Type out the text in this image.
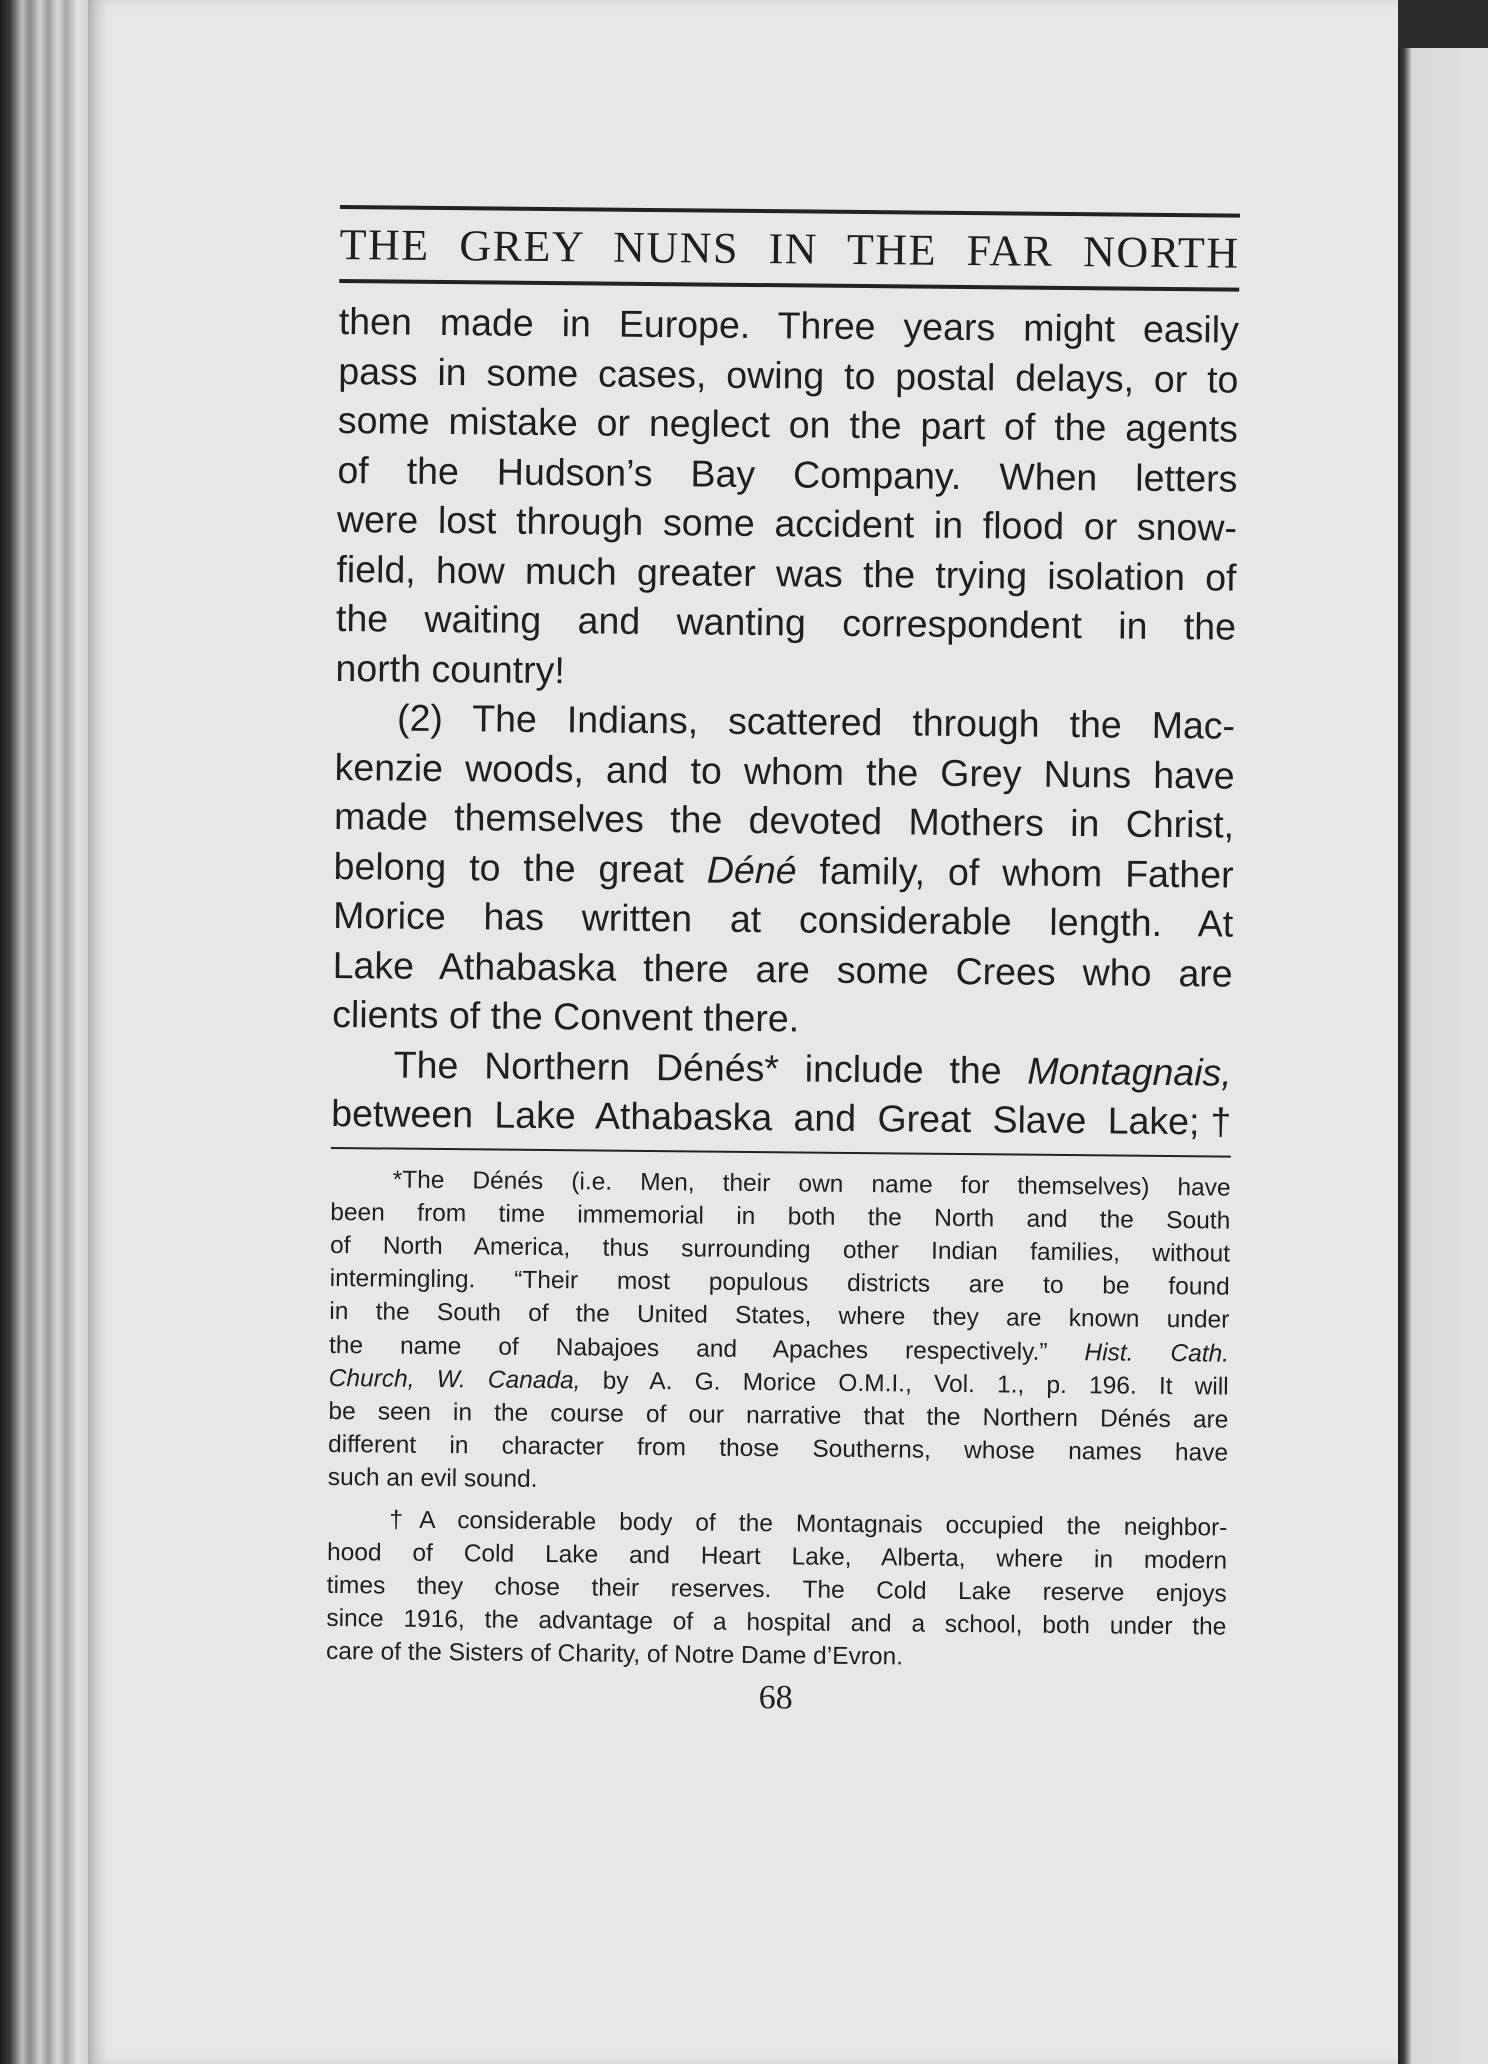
THE GREY NUNS IN THE FAR NORTH
then made in Europe. Three years might easily
pass in some cases, owing to postal delays, or to
some mistake or neglect on the part of the agents
of the Hudson’s Bay Company. When letters
were lost through some accident in flood or snow-
field, how much greater was the trying isolation of
the waiting and wanting correspondent in the
north country!
(2) The Indians, scattered through the Mac-
kenzie woods, and to whom the Grey Nuns have
made themselves the devoted Mothers in Christ,
belong to the great Déné family, of whom Father
Morice has written at considerable length. At
Lake Athabaska there are some Crees who are
clients of the Convent there.
The Northern Dénés* include the Montagnais,
between Lake Athabaska and Great Slave Lake;†
*The Dénés (i.e. Men, their own name for themselves) have
been from time immemorial in both the North and the South
of North America, thus surrounding other Indian families, without
intermingling. “Their most populous districts are to be found
in the South of the United States, where they are known under
the name of Nabajoes and Apaches respectively.” Hist. Cath.
Church, W. Canada, by A. G. Morice O.M.I., Vol. 1., p. 196. It will
be seen in the course of our narrative that the Northern Dénés are
different in character from those Southerns, whose names have
such an evil sound.
†A considerable body of the Montagnais occupied the neighbor-
hood of Cold Lake and Heart Lake, Alberta, where in modern
times they chose their reserves. The Cold Lake reserve enjoys
since 1916, the advantage of a hospital and a school, both under the
care of the Sisters of Charity, of Notre Dame d’Evron.
68
